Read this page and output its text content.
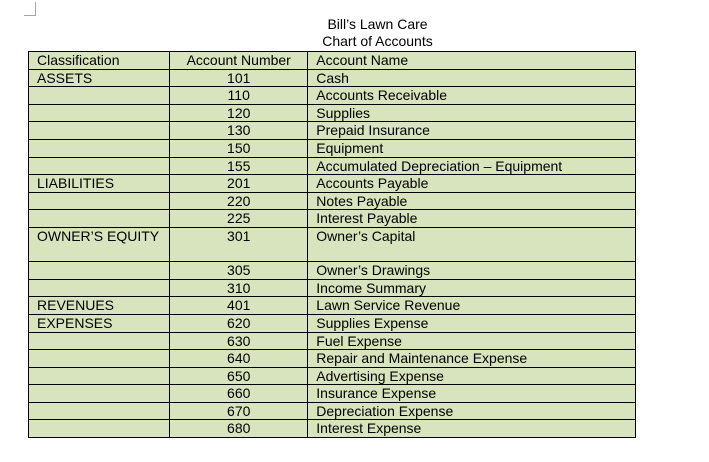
Bill’s Lawn Care
Chart of Accounts
Classification	Account Number	Account Name
ASSETS	101	Cash
	110	Accounts Receivable
	120	Supplies
	130	Prepaid Insurance
	150	Equipment
	155	Accumulated Depreciation – Equipment
LIABILITIES	201	Accounts Payable
	220	Notes Payable
	225	Interest Payable
OWNER’S EQUITY	301	Owner’s Capital
	305	Owner’s Drawings
	310	Income Summary
REVENUES	401	Lawn Service Revenue
EXPENSES	620	Supplies Expense
	630	Fuel Expense
	640	Repair and Maintenance Expense
	650	Advertising Expense
	660	Insurance Expense
	670	Depreciation Expense
	680	Interest Expense
